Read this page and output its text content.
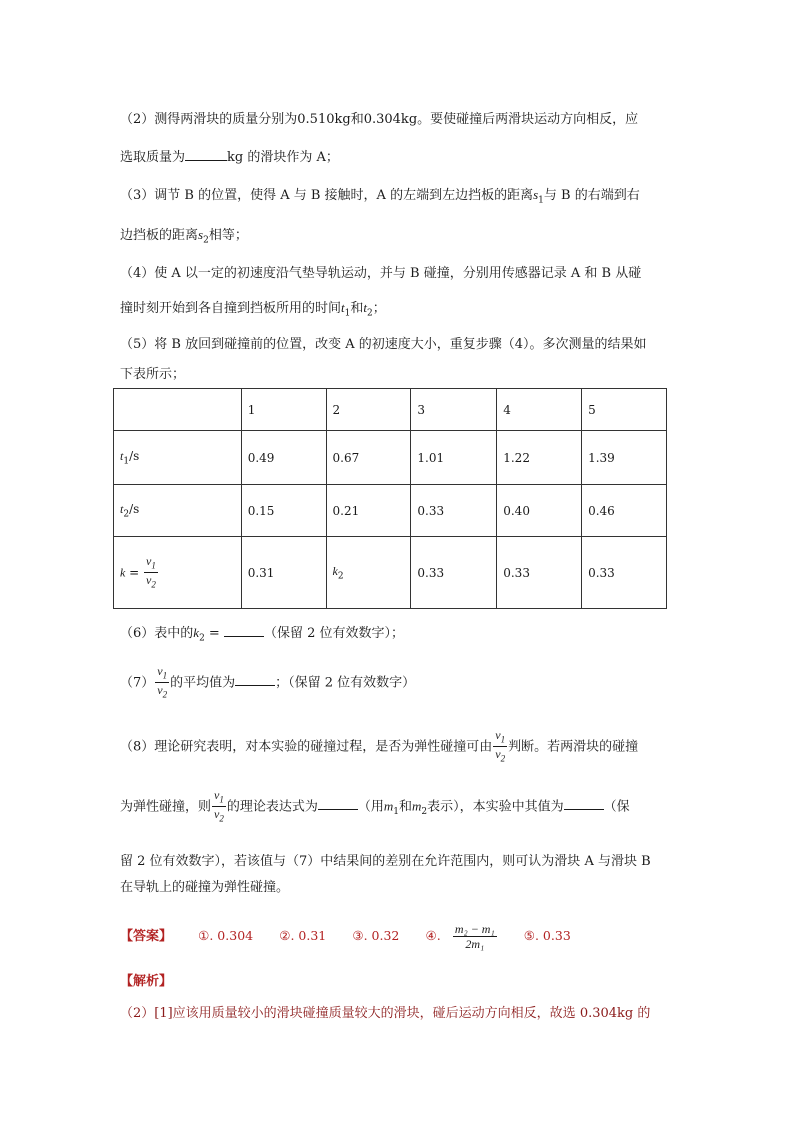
（2）测得两滑块的质量分别为0.510kg和0.304kg。要使碰撞后两滑块运动方向相反，应
选取质量为	kg 的滑块作为 A；
（3）调节 B 的位置，使得 A 与 B 接触时，A 的左端到左边挡板的距离$s_1$与 B 的右端到右
边挡板的距离$s_2$相等；
（4）使 A 以一定的初速度沿气垫导轨运动，并与 B 碰撞，分别用传感器记录 A 和 B 从碰
撞时刻开始到各自撞到挡板所用的时间$t_1$和$t_2$；
（5）将 B 放回到碰撞前的位置，改变 A 的初速度大小，重复步骤（4）。多次测量的结果如
下表所示；
	1	2	3	4	5
$t_1/s$	0.49	0.67	1.01	1.22	1.39
$t_2/s$	0.15	0.21	0.33	0.40	0.46
$k = \frac{v_1}{v_2}$	0.31	$k_2$	0.33	0.33	0.33
（6）表中的$k_2$ =	（保留 2 位有效数字）；
$(7) \frac{v_1}{v_2}$ 的平均值为	；（保留 2 位有效数字）
（8）理论研究表明，对本实验的碰撞过程，是否为弹性碰撞可由 $\frac{v_1}{v_2}$ 判断。若两滑块的碰撞
为弹性碰撞，则 $\frac{v_1}{v_2}$ 的理论表达式为	（用$m_1$和$m_2$表示），本实验中其值为	（保
留 2 位有效数字），若该值与（7）中结果间的差别在允许范围内，则可认为滑块 A 与滑块 B
在导轨上的碰撞为弹性碰撞。
【答案】 ①. 0.304 ②. 0.31 ③. 0.32 ④. $\frac{\text{m₂ − m₁}}{\text{2m₁}}$ ⑤. 0.33
【解析】
（2）[1]应该用质量较小的滑块碰撞质量较大的滑块，碰后运动方向相反，故选 0.304kg 的
